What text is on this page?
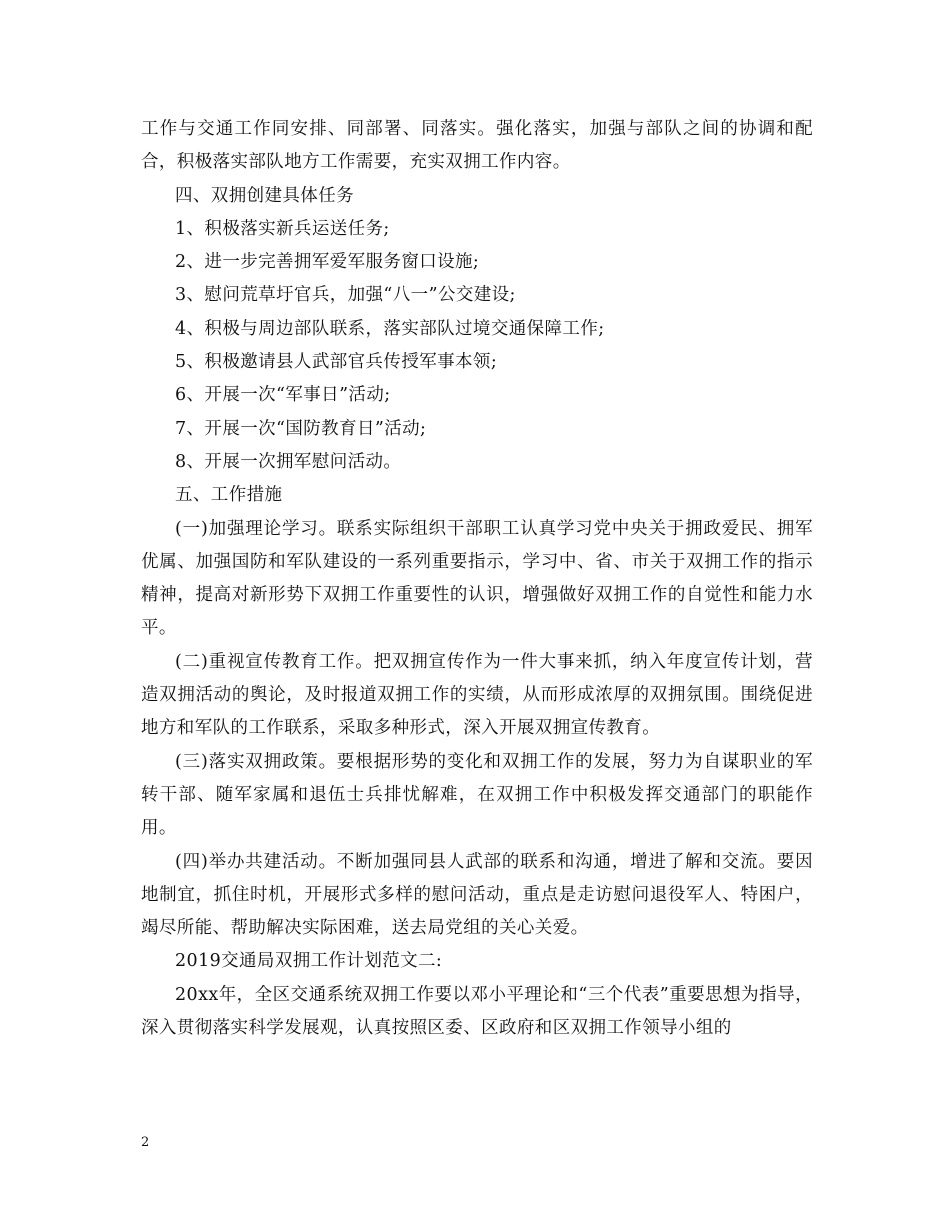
工作与交通工作同安排、同部署、同落实。强化落实，加强与部队之间的协调和配合，积极落实部队地方工作需要，充实双拥工作内容。

四、双拥创建具体任务

1、积极落实新兵运送任务;

2、进一步完善拥军爱军服务窗口设施;

3、慰问荒草圩官兵，加强“八一”公交建设;

4、积极与周边部队联系，落实部队过境交通保障工作;

5、积极邀请县人武部官兵传授军事本领;

6、开展一次“军事日”活动;

7、开展一次“国防教育日”活动;

8、开展一次拥军慰问活动。

五、工作措施

(一)加强理论学习。联系实际组织干部职工认真学习党中央关于拥政爱民、拥军优属、加强国防和军队建设的一系列重要指示，学习中、省、市关于双拥工作的指示精神，提高对新形势下双拥工作重要性的认识，增强做好双拥工作的自觉性和能力水平。

(二)重视宣传教育工作。把双拥宣传作为一件大事来抓，纳入年度宣传计划，营造双拥活动的舆论，及时报道双拥工作的实绩，从而形成浓厚的双拥氛围。围绕促进地方和军队的工作联系，采取多种形式，深入开展双拥宣传教育。

(三)落实双拥政策。要根据形势的变化和双拥工作的发展，努力为自谋职业的军转干部、随军家属和退伍士兵排忧解难，在双拥工作中积极发挥交通部门的职能作用。

(四)举办共建活动。不断加强同县人武部的联系和沟通，增进了解和交流。要因地制宜，抓住时机，开展形式多样的慰问活动，重点是走访慰问退役军人、特困户，竭尽所能、帮助解决实际困难，送去局党组的关心关爱。

2019交通局双拥工作计划范文二:

20xx年，全区交通系统双拥工作要以邓小平理论和“三个代表”重要思想为指导，深入贯彻落实科学发展观，认真按照区委、区政府和区双拥工作领导小组的

2
